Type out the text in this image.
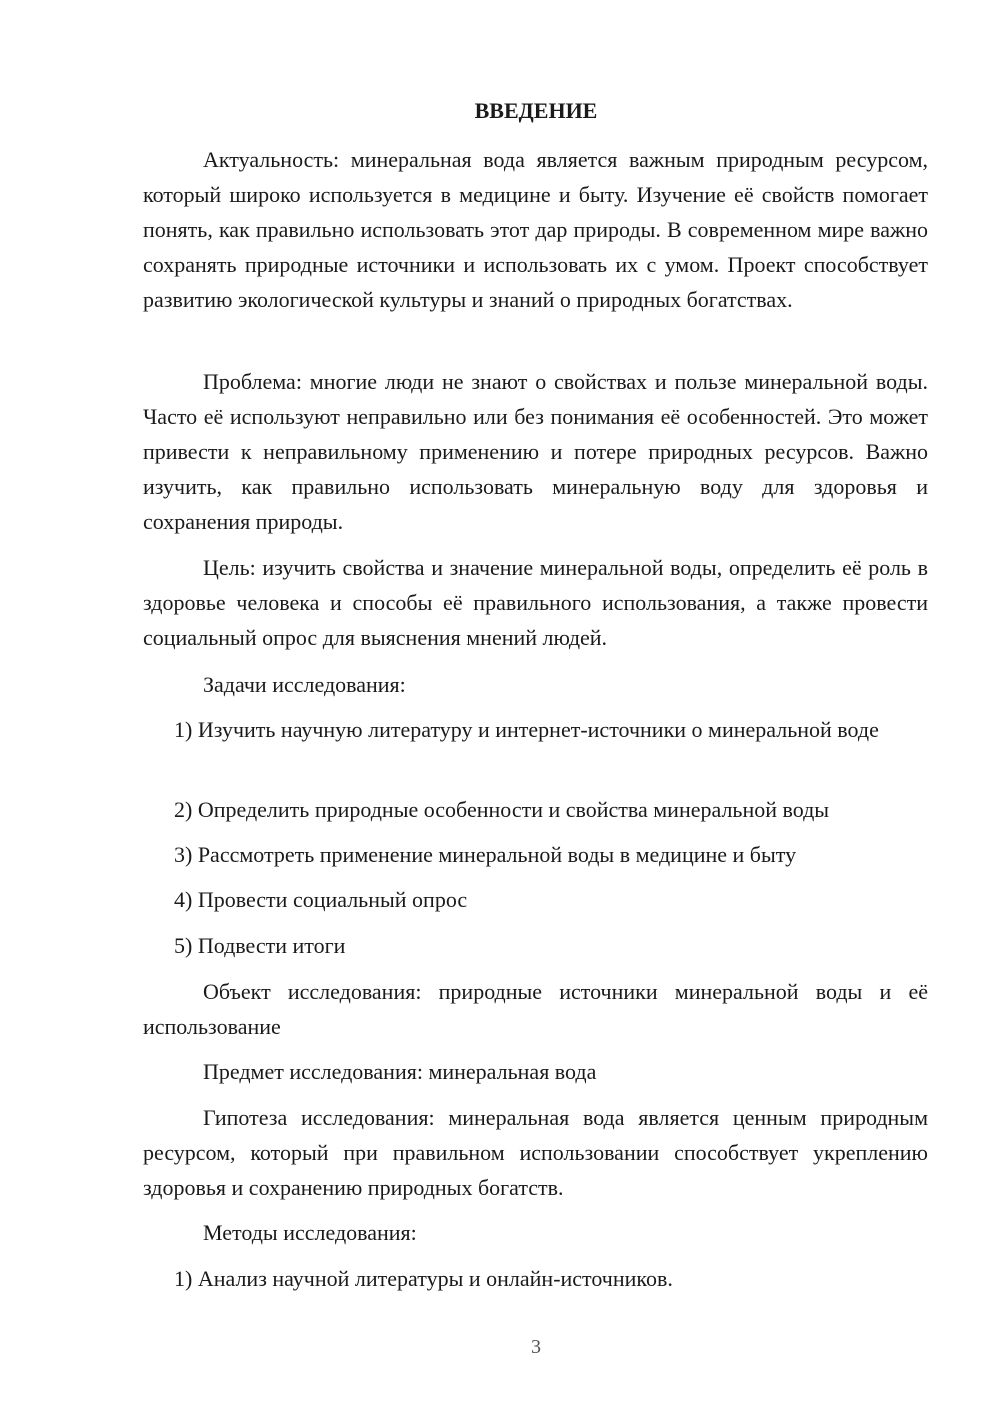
ВВЕДЕНИЕ

Актуальность: минеральная вода является важным природным ресурсом, который широко используется в медицине и быту. Изучение её свойств помогает понять, как правильно использовать этот дар природы. В современном мире важно сохранять природные источники и использовать их с умом. Проект способствует развитию экологической культуры и знаний о природных богатствах.

Проблема: многие люди не знают о свойствах и пользе минеральной воды. Часто её используют неправильно или без понимания её особенностей. Это может привести к неправильному применению и потере природных ресурсов. Важно изучить, как правильно использовать минеральную воду для здоровья и сохранения природы.

Цель: изучить свойства и значение минеральной воды, определить её роль в здоровье человека и способы её правильного использования, а также провести социальный опрос для выяснения мнений людей.

Задачи исследования:

1) Изучить научную литературу и интернет-источники о минеральной воде

2) Определить природные особенности и свойства минеральной воды

3) Рассмотреть применение минеральной воды в медицине и быту

4) Провести социальный опрос

5) Подвести итоги

Объект исследования: природные источники минеральной воды и её использование

Предмет исследования: минеральная вода

Гипотеза исследования: минеральная вода является ценным природным ресурсом, который при правильном использовании способствует укреплению здоровья и сохранению природных богатств.

Методы исследования:

1) Анализ научной литературы и онлайн-источников.

3
